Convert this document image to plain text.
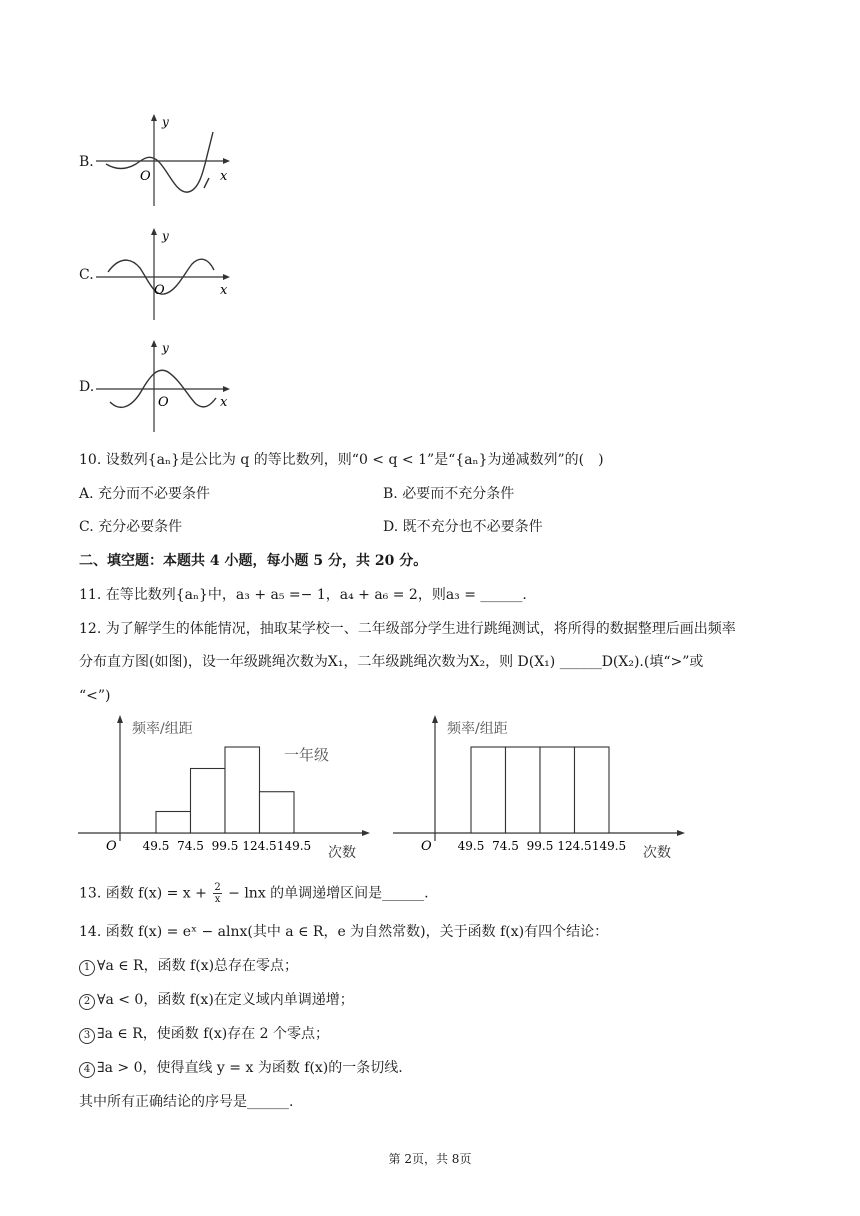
B.
y
O	x
C.
y
O	x
D.
y
O	x
10. 设数列{aₙ}是公比为 q 的等比数列，则“0 < q < 1”是“{aₙ}为递减数列”的(　)
A. 充分而不必要条件	B. 必要而不充分条件
C. 充分必要条件	D. 既不充分也不必要条件
二、填空题：本题共 4 小题，每小题 5 分，共 20 分。
11. 在等比数列{aₙ}中，a₃ + a₅ =− 1，a₄ + a₆ = 2，则a₃ = ______.
12. 为了解学生的体能情况，抽取某学校一、二年级部分学生进行跳绳测试，将所得的数据整理后画出频率
分布直方图(如图)，设一年级跳绳次数为X₁，二年级跳绳次数为X₂，则 D(X₁) ______D(X₂).(填“>”或
“<”)
频率/组距
一年级
O	次数
49.5 74.5 99.5 124.5 149.5
频率/组距
O	次数
49.5 74.5 99.5 124.5 149.5
13. 函数 $f(x) = x + \frac{2}{x} - \ln x$ 的单调递增区间是______.
14. 函数 f(x) = eˣ − alnx(其中 a ∈ R，e 为自然常数)，关于函数 f(x)有四个结论：
1 ∀a ∈ R，函数 f(x)总存在零点；
2 ∀a < 0，函数 f(x)在定义域内单调递增；
3 ∃a ∈ R，使函数 f(x)存在 2 个零点；
4 ∃a > 0，使得直线 y = x 为函数 f(x)的一条切线.
其中所有正确结论的序号是______.
第 2页，共 8页
